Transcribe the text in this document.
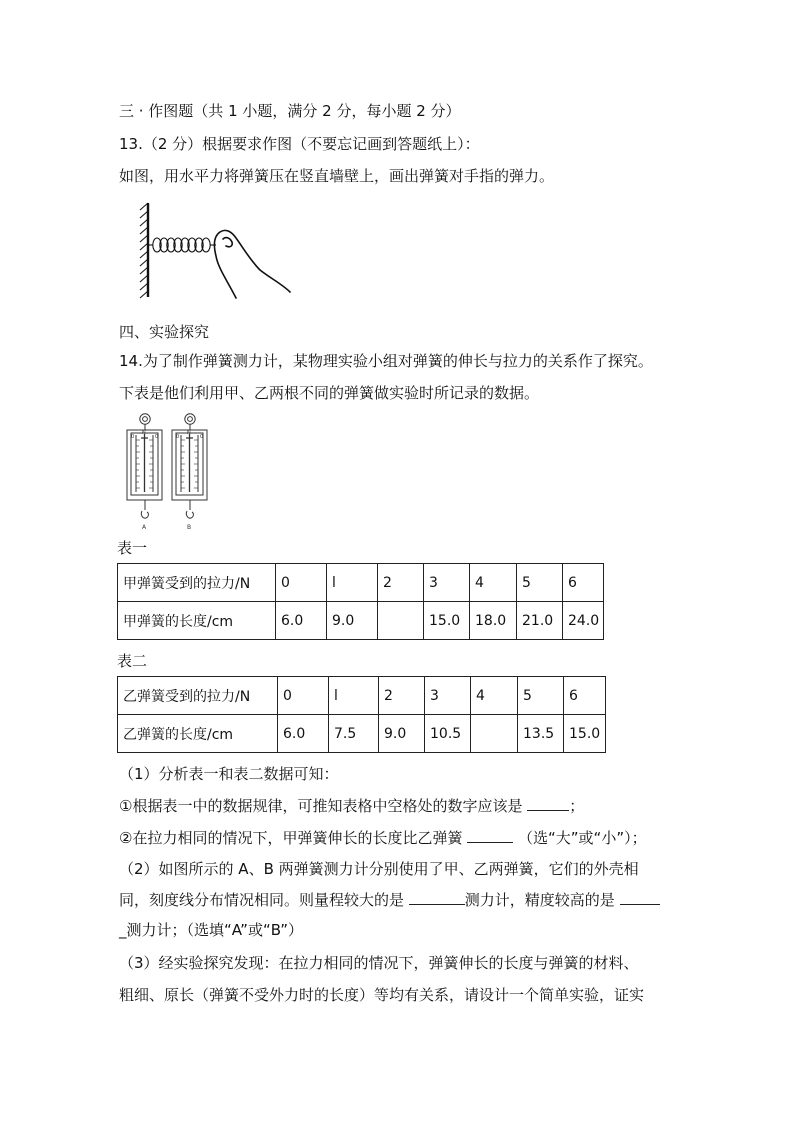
三 · 作图题（共 1 小题，满分 2 分，每小题 2 分）
13.（2 分）根据要求作图（不要忘记画到答题纸上）：
如图，用水平力将弹簧压在竖直墙壁上，画出弹簧对手指的弹力。
四、实验探究
14.为了制作弹簧测力计，某物理实验小组对弹簧的伸长与拉力的关系作了探究。
下表是他们利用甲、乙两根不同的弹簧做实验时所记录的数据。
0	0
N
A
0	0
N
B
表一
甲弹簧受到的拉力/N	0	l	2	3	4	5	6
甲弹簧的长度/cm	6.0	9.0		15.0	18.0	21.0	24.0
表二
乙弹簧受到的拉力/N	0	l	2	3	4	5	6
乙弹簧的长度/cm	6.0	7.5	9.0	10.5		13.5	15.0
（1）分析表一和表二数据可知：
①根据表一中的数据规律，可推知表格中空格处的数字应该是	；
②在拉力相同的情况下，甲弹簧伸长的长度比乙弹簧	（选“大”或“小”）；
（2）如图所示的 A、B 两弹簧测力计分别使用了甲、乙两弹簧，它们的外壳相
同，刻度线分布情况相同。则量程较大的是	测力计，精度较高的是
_测力计；（选填“A”或“B”）
（3）经实验探究发现：在拉力相同的情况下，弹簧伸长的长度与弹簧的材料、
粗细、原长（弹簧不受外力时的长度）等均有关系，请设计一个简单实验，证实
